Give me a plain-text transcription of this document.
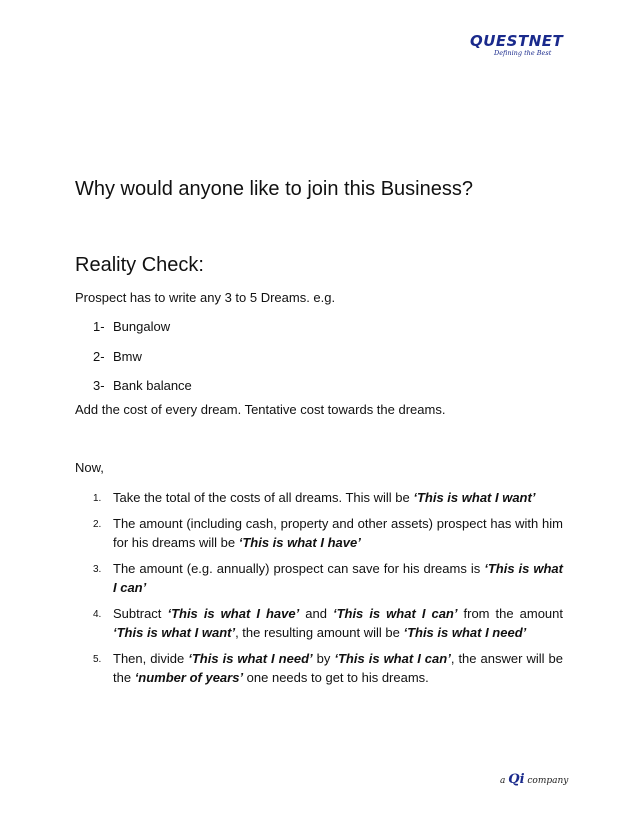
QUESTNET
Defining the Best
Why would anyone like to join this Business?
Reality Check:

Prospect has to write any 3 to 5 Dreams. e.g.

1- Bungalow
2- Bmw
3- Bank balance

Add the cost of every dream. Tentative cost towards the dreams.

Now,

1. Take the total of the costs of all dreams. This will be ‘This is what I want’
2. The amount (including cash, property and other assets) prospect has with him for his dreams will be ‘This is what I have’
3. The amount (e.g. annually) prospect can save for his dreams is ‘This is what I can’
4. Subtract ‘This is what I have’ and ‘This is what I can’ from the amount ‘This is what I want’, the resulting amount will be ‘This is what I need’
5. Then, divide ‘This is what I need’ by ‘This is what I can’, the answer will be the ‘number of years’ one needs to get to his dreams.
a Qi company
